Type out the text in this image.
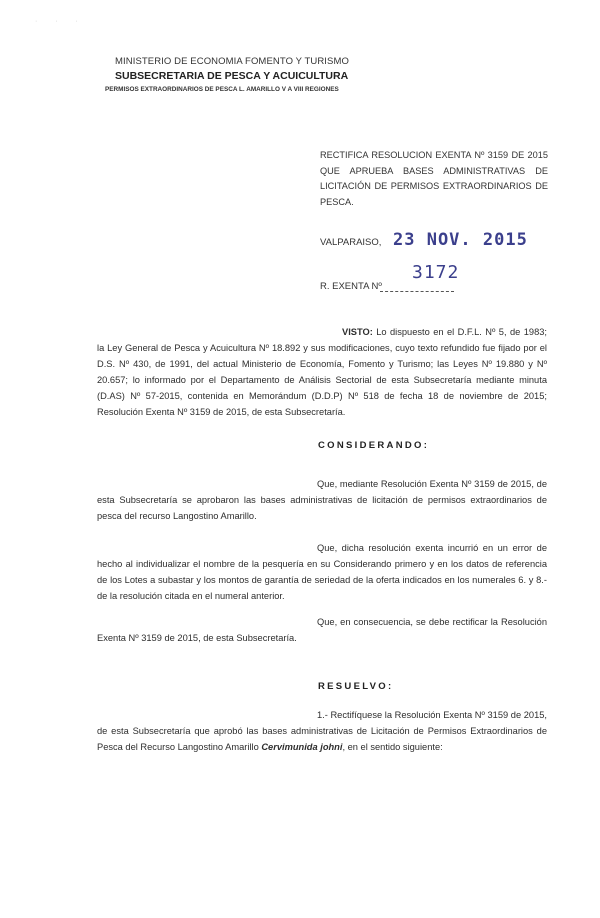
· · ·
MINISTERIO DE ECONOMIA FOMENTO Y TURISMO
SUBSECRETARIA DE PESCA Y ACUICULTURA
PERMISOS EXTRAORDINARIOS DE PESCA L. AMARILLO V A VIII REGIONES
RECTIFICA RESOLUCION EXENTA Nº 3159 DE 2015 QUE APRUEBA BASES ADMINISTRATIVAS DE LICITACIÓN DE PERMISOS EXTRAORDINARIOS DE PESCA.
VALPARAISO, 23 NOV. 2015
3172
R. EXENTA Nº
VISTO: Lo dispuesto en el D.F.L. Nº 5, de 1983; la Ley General de Pesca y Acuicultura Nº 18.892 y sus modificaciones, cuyo texto refundido fue fijado por el D.S. Nº 430, de 1991, del actual Ministerio de Economía, Fomento y Turismo; las Leyes Nº 19.880 y Nº 20.657; lo informado por el Departamento de Análisis Sectorial de esta Subsecretaría mediante minuta (D.AS) Nº 57-2015, contenida en Memorándum (D.D.P) Nº 518 de fecha 18 de noviembre de 2015; Resolución Exenta Nº 3159 de 2015, de esta Subsecretaría.
CONSIDERANDO:
Que, mediante Resolución Exenta Nº 3159 de 2015, de esta Subsecretaría se aprobaron las bases administrativas de licitación de permisos extraordinarios de pesca del recurso Langostino Amarillo.
Que, dicha resolución exenta incurrió en un error de hecho al individualizar el nombre de la pesquería en su Considerando primero y en los datos de referencia de los Lotes a subastar y los montos de garantía de seriedad de la oferta indicados en los numerales 6. y 8.- de la resolución citada en el numeral anterior.
Que, en consecuencia, se debe rectificar la Resolución Exenta Nº 3159 de 2015, de esta Subsecretaría.
RESUELVO:
1.- Rectifíquese la Resolución Exenta Nº 3159 de 2015, de esta Subsecretaría que aprobó las bases administrativas de Licitación de Permisos Extraordinarios de Pesca del Recurso Langostino Amarillo Cervimunida johni, en el sentido siguiente:
